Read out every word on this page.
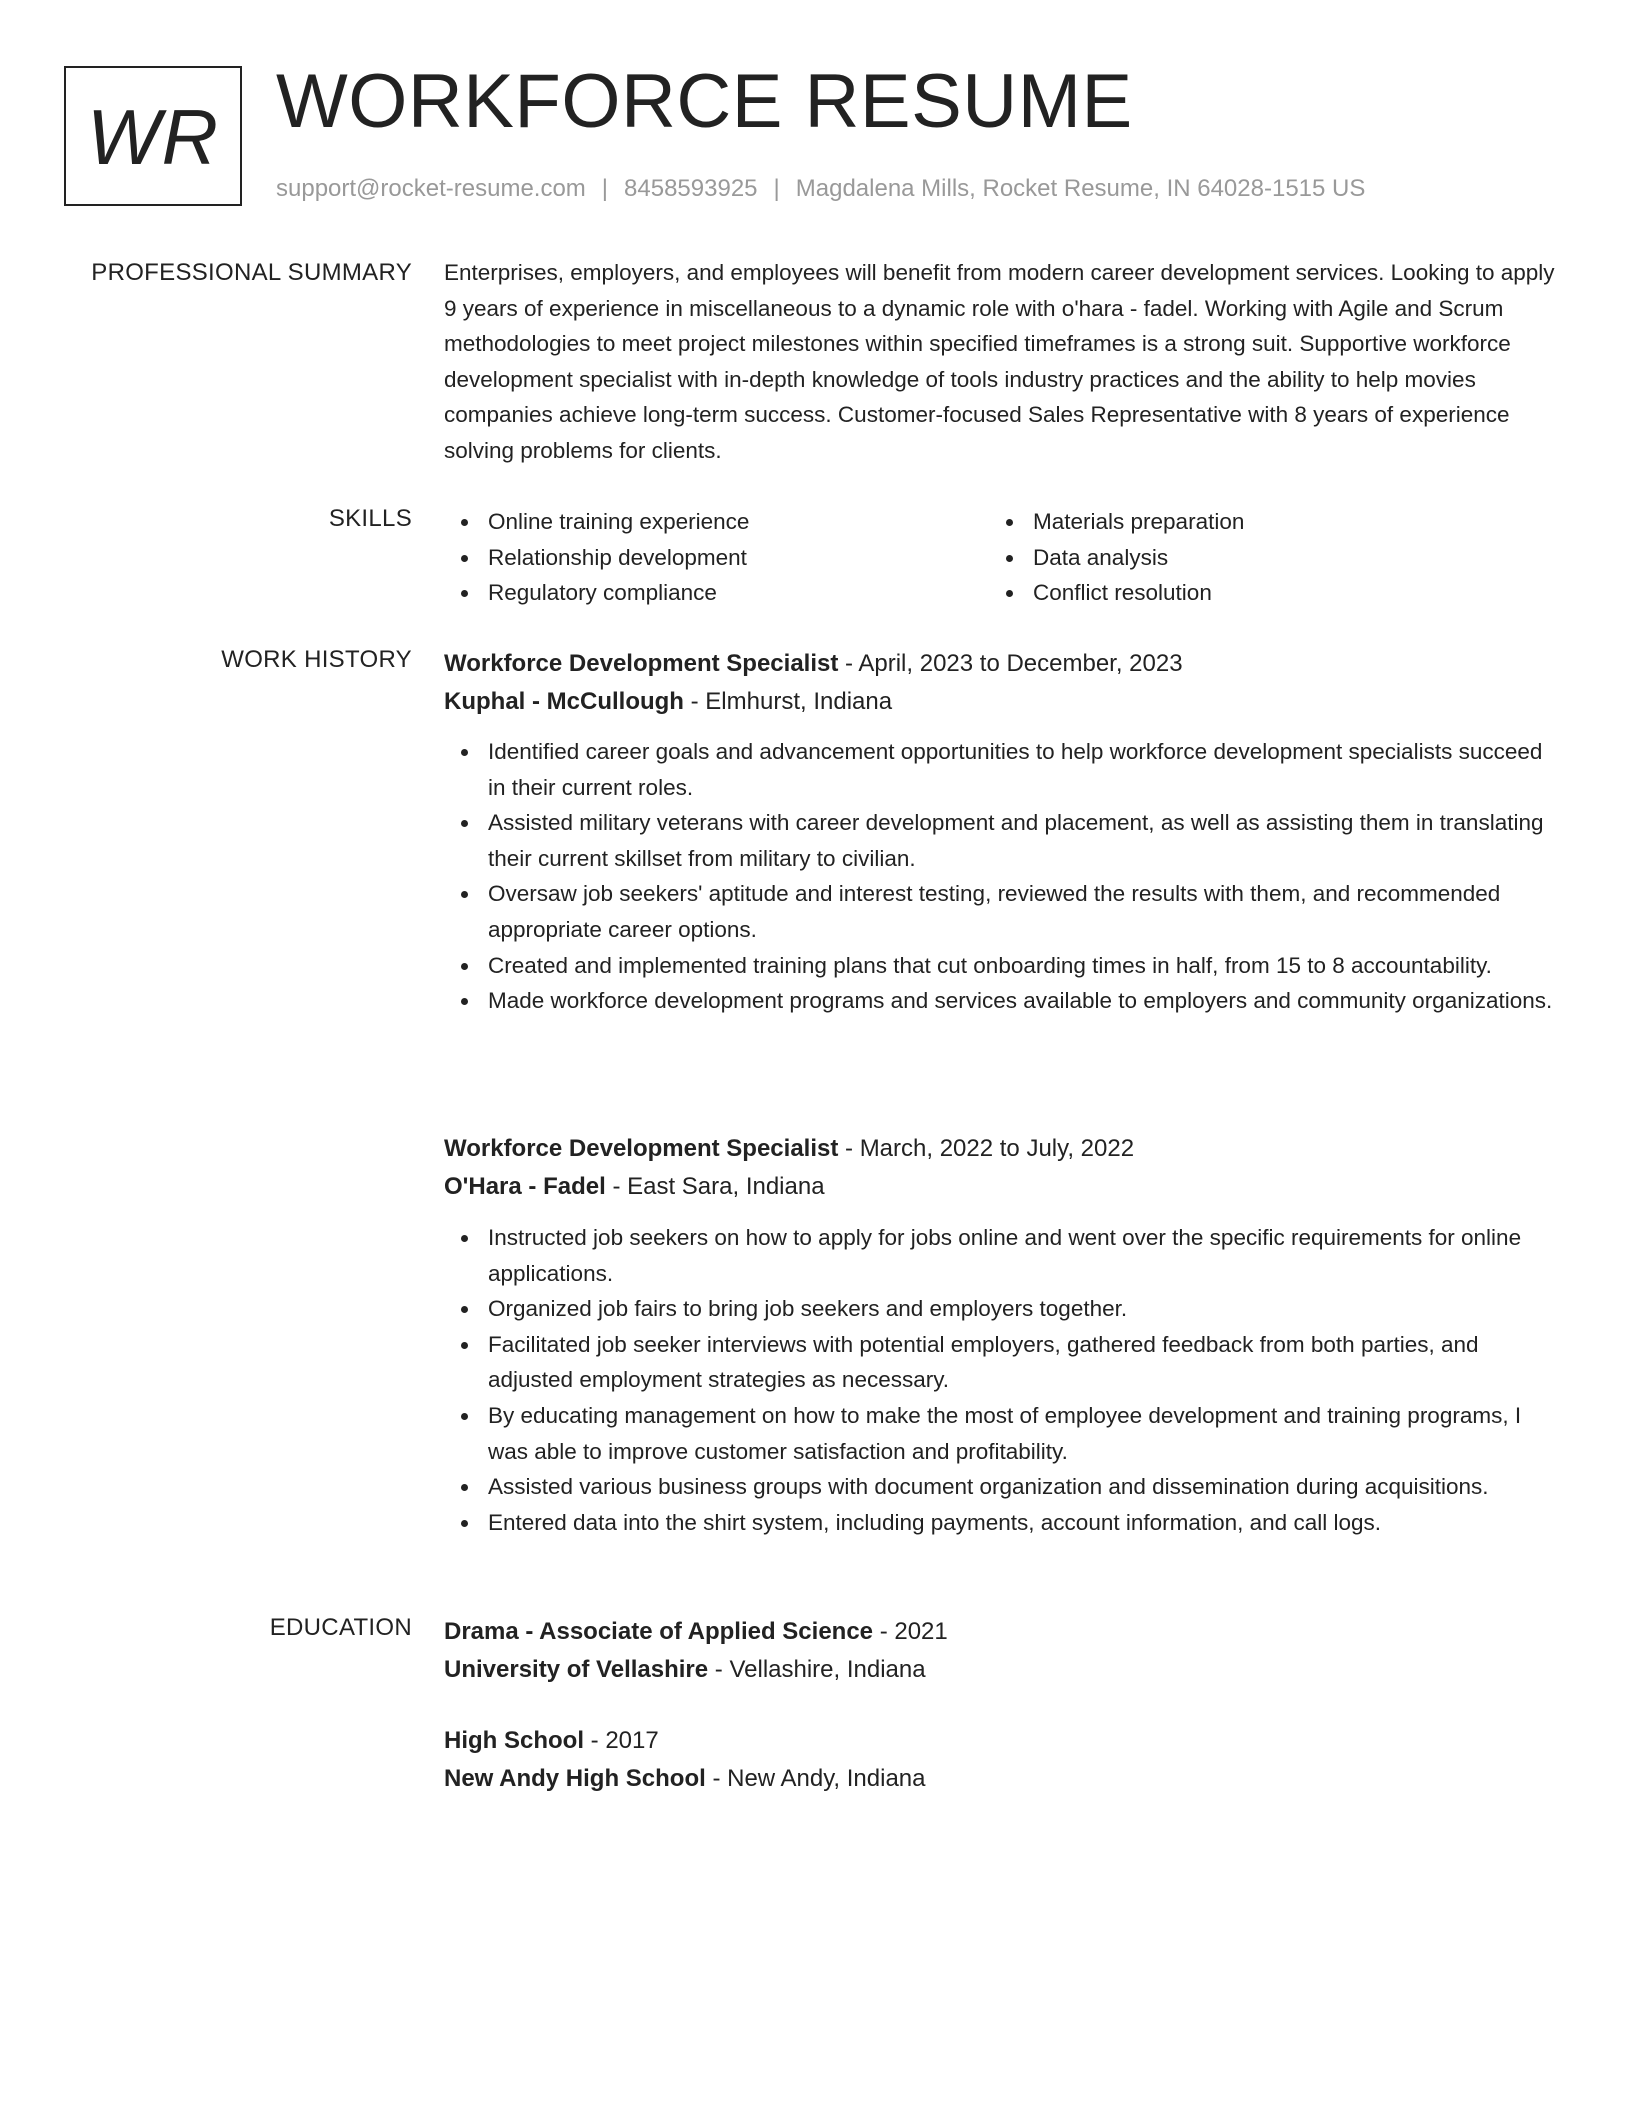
WR WORKFORCE RESUME
support@rocket-resume.com | 8458593925 | Magdalena Mills, Rocket Resume, IN 64028-1515 US
PROFESSIONAL SUMMARY Enterprises, employers, and employees will benefit from modern career development services. Looking to apply 9 years of experience in miscellaneous to a dynamic role with o'hara - fadel. Working with Agile and Scrum methodologies to meet project milestones within specified timeframes is a strong suit. Supportive workforce development specialist with in-depth knowledge of tools industry practices and the ability to help movies companies achieve long-term success. Customer-focused Sales Representative with 8 years of experience solving problems for clients.

SKILLS	Online training experience
Relationship development
Regulatory compliance
Materials preparation
Data analysis
Conflict resolution
WORK HISTORY Workforce Development Specialist - April, 2023 to December, 2023
Kuphal - McCullough - Elmhurst, Indiana
Identified career goals and advancement opportunities to help workforce development specialists succeed in their current roles.
Assisted military veterans with career development and placement, as well as assisting them in translating their current skillset from military to civilian.
Oversaw job seekers' aptitude and interest testing, reviewed the results with them, and recommended appropriate career options.
Created and implemented training plans that cut onboarding times in half, from 15 to 8 accountability.
Made workforce development programs and services available to employers and community organizations.
Workforce Development Specialist - March, 2022 to July, 2022
O'Hara - Fadel - East Sara, Indiana
Instructed job seekers on how to apply for jobs online and went over the specific requirements for online applications.
Organized job fairs to bring job seekers and employers together.
Facilitated job seeker interviews with potential employers, gathered feedback from both parties, and adjusted employment strategies as necessary.
By educating management on how to make the most of employee development and training programs, I was able to improve customer satisfaction and profitability.
Assisted various business groups with document organization and dissemination during acquisitions.
Entered data into the shirt system, including payments, account information, and call logs.
EDUCATION Drama - Associate of Applied Science - 2021
University of Vellashire - Vellashire, Indiana
High School - 2017
New Andy High School - New Andy, Indiana
